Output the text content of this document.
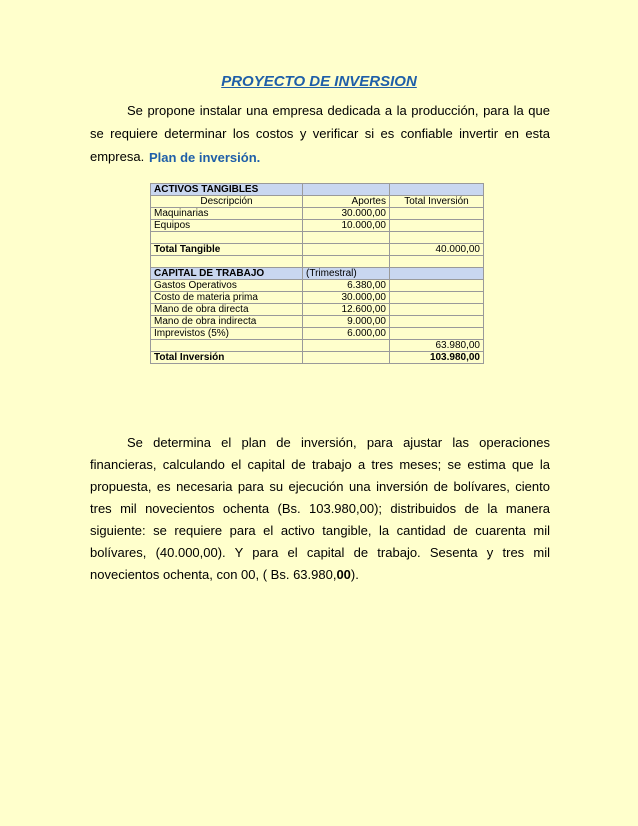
PROYECTO DE INVERSION
Se propone instalar una empresa dedicada a la producción, para la que se requiere determinar los costos y verificar si es confiable invertir en esta empresa. Plan de inversión.
ACTIVOS TANGIBLES		
Descripción	Aportes	Total Inversión
Maquinarias	30.000,00	
Equipos	10.000,00	

Total Tangible		40.000,00

CAPITAL DE TRABAJO	(Trimestral)	
Gastos Operativos	6.380,00	
Costo de materia prima	30.000,00	
Mano de obra directa	12.600,00	
Mano de obra indirecta	9.000,00	
Imprevistos (5%)	6.000,00	
		63.980,00
Total Inversión		103.980,00
Se determina el plan de inversión, para ajustar las operaciones financieras, calculando el capital de trabajo a tres meses; se estima que la propuesta, es necesaria para su ejecución una inversión de bolívares, ciento tres mil novecientos ochenta (Bs. 103.980,00); distribuidos de la manera siguiente: se requiere para el activo tangible, la cantidad de cuarenta mil bolívares, (40.000,00). Y para el capital de trabajo. Sesenta y tres mil novecientos ochenta, con 00, ( Bs. 63.980,00).
